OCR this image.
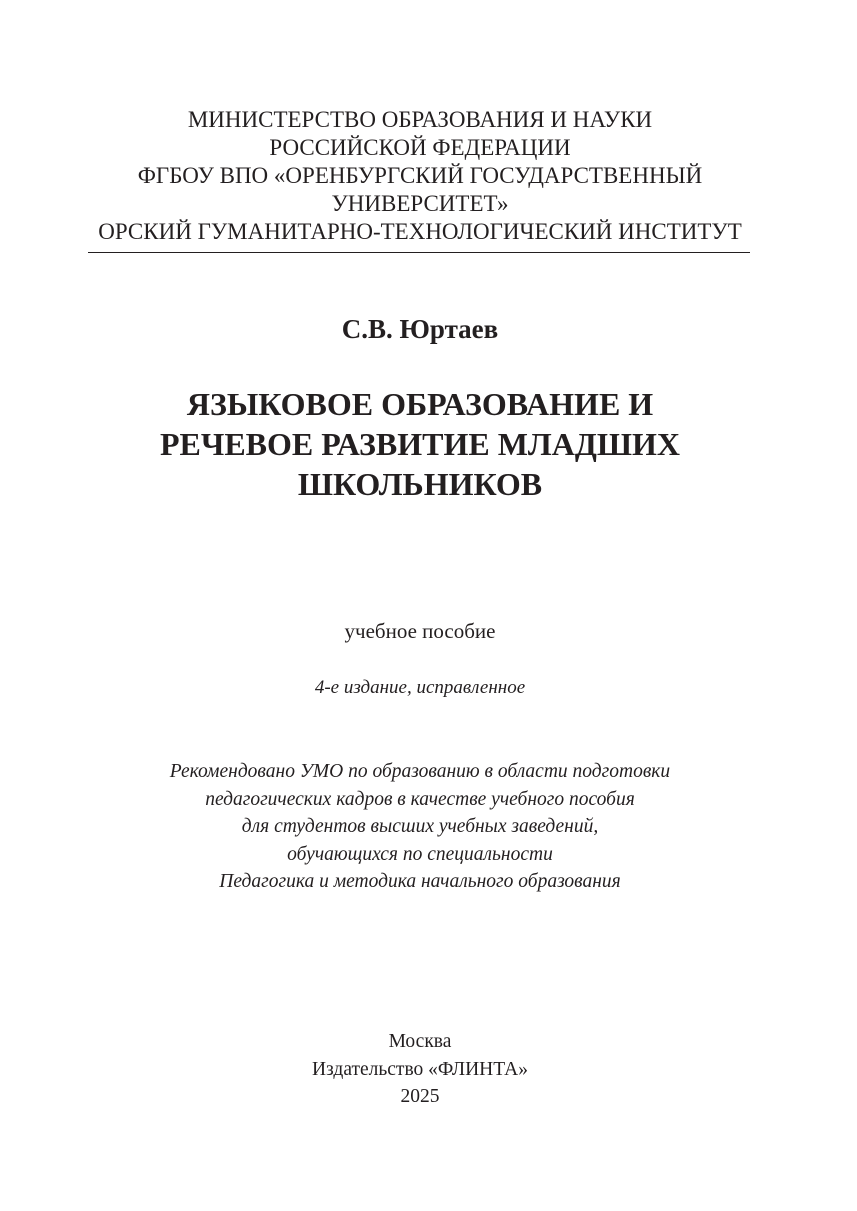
МИНИСТЕРСТВО ОБРАЗОВАНИЯ И НАУКИ
РОССИЙСКОЙ ФЕДЕРАЦИИ
ФГБОУ ВПО «ОРЕНБУРГСКИЙ ГОСУДАРСТВЕННЫЙ
УНИВЕРСИТЕТ»
ОРСКИЙ ГУМАНИТАРНО-ТЕХНОЛОГИЧЕСКИЙ ИНСТИТУТ
С.В. Юртаев
ЯЗЫКОВОЕ ОБРАЗОВАНИЕ И
РЕЧЕВОЕ РАЗВИТИЕ МЛАДШИХ
ШКОЛЬНИКОВ
учебное пособие
4-е издание, исправленное
Рекомендовано УМО по образованию в области подготовки
педагогических кадров в качестве учебного пособия
для студентов высших учебных заведений,
обучающихся по специальности
Педагогика и методика начального образования
Москва
Издательство «ФЛИНТА»
2025
